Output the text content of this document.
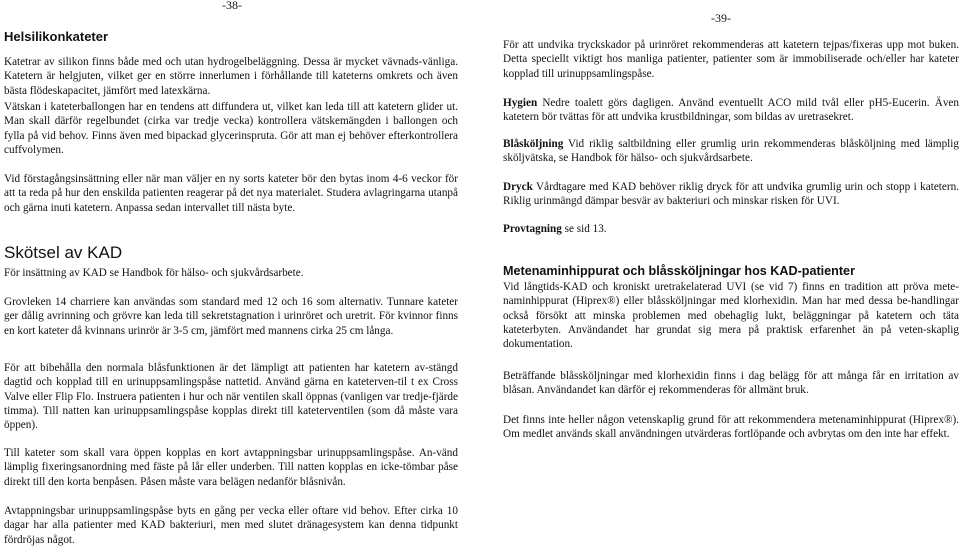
-38-
Helsilikonkateter

Katetrar av silikon finns både med och utan hydrogelbeläggning. Dessa är mycket vävnads-vänliga. Katetern är helgjuten, vilket ger en större innerlumen i förhållande till kateterns omkrets och även bästa flödeskapacitet, jämfört med latexkärna.

Vätskan i kateterballongen har en tendens att diffundera ut, vilket kan leda till att katetern glider ut. Man skall därför regelbundet (cirka var tredje vecka) kontrollera vätskemängden i ballongen och fylla på vid behov. Finns även med bipackad glycerinspruta. Gör att man ej behöver efterkontrollera cuffvolymen.

Vid förstagångsinsättning eller när man väljer en ny sorts kateter bör den bytas inom 4-6 veckor för att ta reda på hur den enskilda patienten reagerar på det nya materialet. Studera avlagringarna utanpå och gärna inuti katetern. Anpassa sedan intervallet till nästa byte.

Skötsel av KAD

För insättning av KAD se Handbok för hälso- och sjukvårdsarbete.

Grovleken 14 charriere kan användas som standard med 12 och 16 som alternativ. Tunnare kateter ger dålig avrinning och grövre kan leda till sekretstagnation i urinröret och uretrit. För kvinnor finns en kort kateter då kvinnans urinrör är 3-5 cm, jämfört med mannens cirka 25 cm långa.

För att bibehålla den normala blåsfunktionen är det lämpligt att patienten har katetern av-stängd dagtid och kopplad till en urinuppsamlingspåse nattetid. Använd gärna en kateterven-til t ex Cross Valve eller Flip Flo. Instruera patienten i hur och när ventilen skall öppnas (vanligen var tredje-fjärde timma). Till natten kan urinuppsamlingspåse kopplas direkt till kateterventilen (som då måste vara öppen).

Till kateter som skall vara öppen kopplas en kort avtappningsbar urinuppsamlingspåse. An-vänd lämplig fixeringsanordning med fäste på lår eller underben. Till natten kopplas en ickе-tömbar påse direkt till den korta benpåsen. Påsen måste vara belägen nedanför blåsnivån.

Avtappningsbar urinuppsamlingspåse byts en gång per vecka eller oftare vid behov. Efter cirka 10 dagar har alla patienter med KAD bakteriuri, men med slutet dränagesystem kan denna tidpunkt fördröjas något.

-39-

För att undvika tryckskador på urinröret rekommenderas att katetern tejpas/fixeras upp mot buken. Detta speciellt viktigt hos manliga patienter, patienter som är immobiliserade och/eller har kateter kopplad till urinuppsamlingspåse.

Hygien Nedre toalett görs dagligen. Använd eventuellt ACO mild tvål eller pH5-Eucerin. Även katetern bör tvättas för att undvika krustbildningar, som bildas av uretrasekret.

Blåsköljning Vid riklig saltbildning eller grumlig urin rekommenderas blåsköljning med lämplig sköljvätska, se Handbok för hälso- och sjukvårdsarbete.

Dryck Vårdtagare med KAD behöver riklig dryck för att undvika grumlig urin och stopp i katetern. Riklig urinmängd dämpar besvär av bakteriuri och minskar risken för UVI.

Provtagning se sid 13.

Metenaminhippurat och blåssköljningar hos KAD-patienter

Vid långtids-KAD och kroniskt uretrakelaterad UVI (se vid 7) finns en tradition att pröva mete-naminhippurat (Hiprex®) eller blåssköljningar med klorhexidin. Man har med dessa be-handlingar också försökt att minska problemen med obehaglig lukt, beläggningar på katetern och täta kateterbyten. Användandet har grundat sig mera på praktisk erfarenhet än på veten-skaplig dokumentation.

Beträffande blåssköljningar med klorhexidin finns i dag belägg för att många får en irritation av blåsan. Användandet kan därför ej rekommenderas för allmänt bruk.

Det finns inte heller någon vetenskaplig grund för att rekommendera metenaminhippurat (Hiprex®). Om medlet används skall användningen utvärderas fortlöpande och avbrytas om den inte har effekt.
